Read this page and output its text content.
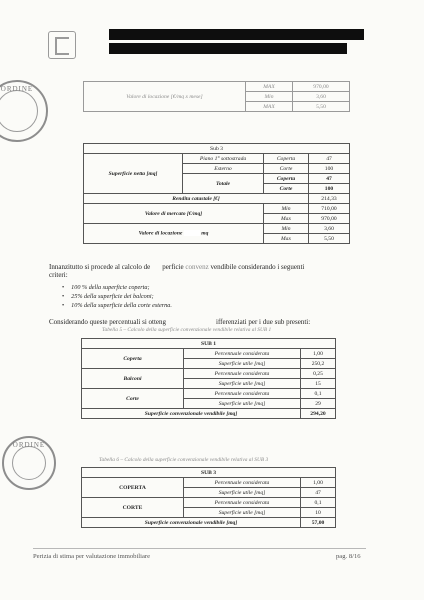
ORDINE
ORDINE
Valore di locazione [€/mq x mese]	MAX	970,00
	Min	3,60
	MAX	5,50
Sub 3			
Superficie netta [mq]	Piano 1° sottostrada	Coperta	47
	Esterno	Corte	100
	Totale	Coperta	47
		Corte	100
Rendita catastale [€]			214,33
Valore di mercato [€/mq]		Min	710,00
		Max	970,00
Valore di locazione mq		Min	3,60
		Max	5,50
Innanzitutto si procede al calcolo de perficie convenz vendibile considerando i seguenti
criteri:
• 100 % della superficie coperta;
• 25% della superficie dei balconi;
• 10% della superficie della corte esterna.
Considerando queste percentuali si otteng	ifferenziati per i due sub presenti:
Tabella 5 – Calcolo della superficie convenzionale vendibile relativa al SUB 1
SUB 1		
Coperta	Percentuale considerata	1,00
	Superficie utile [mq]	250,2
Balconi	Percentuale considerata	0,25
	Superficie utile [mq]	15
Corte	Percentuale considerata	0,1
	Superficie utile [mq]	29
Superficie convenzionale vendibile [mq]		294,20
Tabella 6 – Calcolo della superficie convenzionale vendibile relativa al SUB 3
SUB 3		
COPERTA	Percentuale considerata	1,00
	Superficie utile [mq]	47
CORTE	Percentuale considerata	0,1
	Superficie utile [mq]	10
Superficie convenzionale vendibile [mq]		57,00
Perizia di stima per valutazione immobiliare	pag. 8/16
